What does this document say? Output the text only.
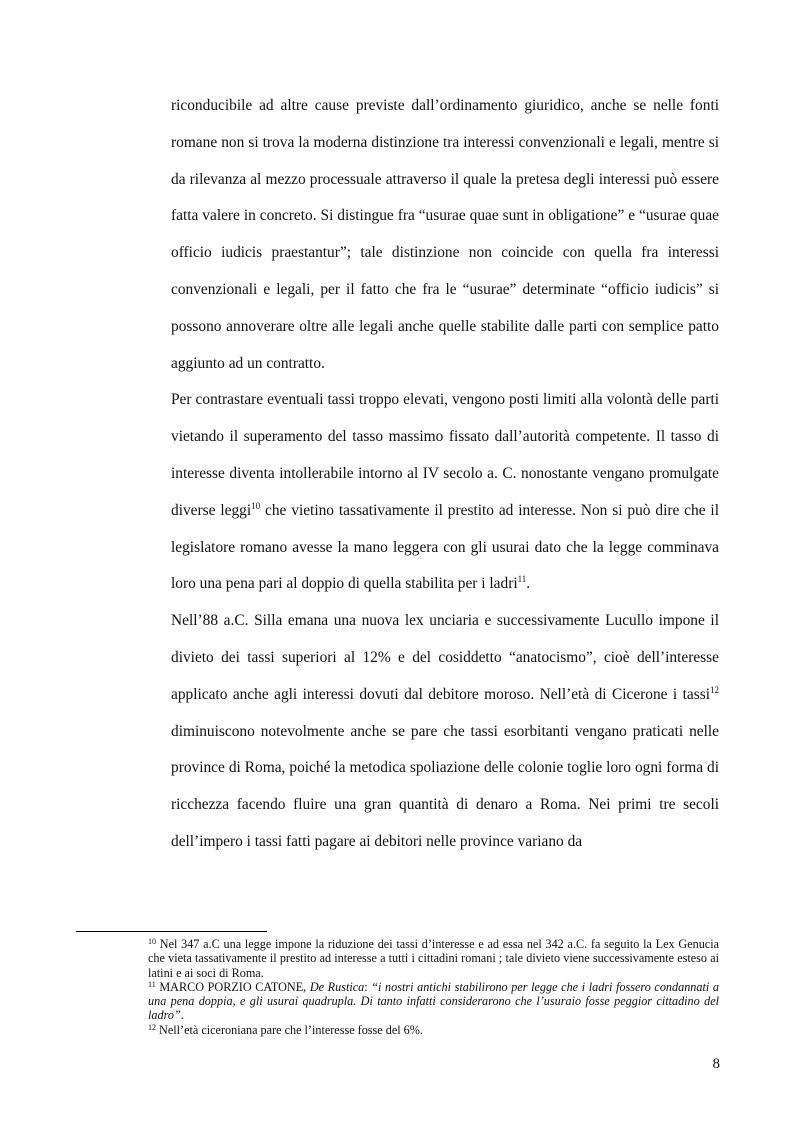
riconducibile ad altre cause previste dall’ordinamento giuridico, anche se nelle fonti romane non si trova la moderna distinzione tra interessi convenzionali e legali, mentre si da rilevanza al mezzo processuale attraverso il quale la pretesa degli interessi può essere fatta valere in concreto. Si distingue fra “usurae quae sunt in obligatione” e “usurae quae officio iudicis praestantur”; tale distinzione non coincide con quella fra interessi convenzionali e legali, per il fatto che fra le “usurae” determinate “officio iudicis” si possono annoverare oltre alle legali anche quelle stabilite dalle parti con semplice patto aggiunto ad un contratto.

Per contrastare eventuali tassi troppo elevati, vengono posti limiti alla volontà delle parti vietando il superamento del tasso massimo fissato dall’autorità competente. Il tasso di interesse diventa intollerabile intorno al IV secolo a. C. nonostante vengano promulgate diverse leggi$^{10}$ che vietino tassativamente il prestito ad interesse. Non si può dire che il legislatore romano avesse la mano leggera con gli usurai dato che la legge comminava loro una pena pari al doppio di quella stabilita per i ladri$^{11}$.

Nell’88 a.C. Silla emana una nuova lex unciaria e successivamente Lucullo impone il divieto dei tassi superiori al 12% e del cosiddetto “anatocismo”, cioè dell’interesse applicato anche agli interessi dovuti dal debitore moroso. Nell’età di Cicerone i tassi$^{12}$ diminuiscono notevolmente anche se pare che tassi esorbitanti vengano praticati nelle province di Roma, poiché la metodica spoliazione delle colonie toglie loro ogni forma di ricchezza facendo fluire una gran quantità di denaro a Roma. Nei primi tre secoli dell’impero i tassi fatti pagare ai debitori nelle province variano da

$^{10}$ Nel 347 a.C una legge impone la riduzione dei tassi d’interesse e ad essa nel 342 a.C. fa seguito la Lex Genucia che vieta tassativamente il prestito ad interesse a tutti i cittadini romani ; tale divieto viene successivamente esteso ai latini e ai soci di Roma.

$^{11}$ MARCO PORZIO CATONE, De Rustica: “i nostri antichi stabilirono per legge che i ladri fossero condannati a una pena doppia, e gli usurai quadrupla. Di tanto infatti considerarono che l’usuraio fosse peggior cittadino del ladro”.

$^{12}$ Nell’età ciceroniana pare che l’interesse fosse del 6%.

8
